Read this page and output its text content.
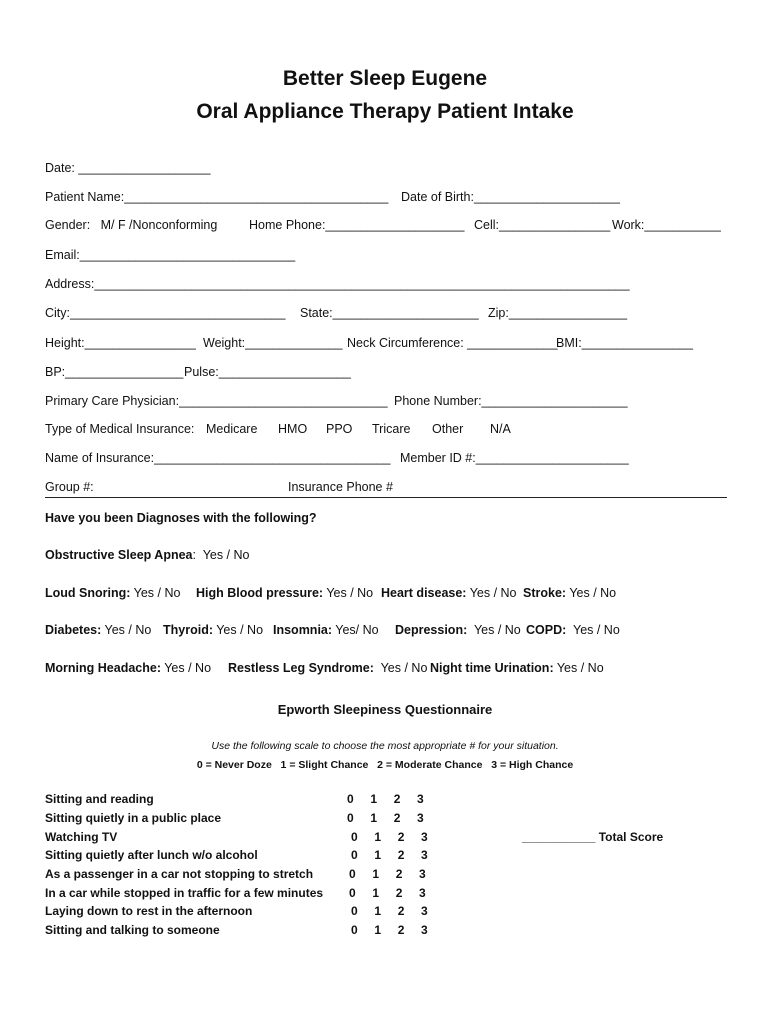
Better Sleep Eugene
Oral Appliance Therapy Patient Intake
Date: ___________________
Patient Name:______________________________________ Date of Birth:_____________________
Gender:   M/ F /Nonconforming	Home Phone:____________________ Cell:________________ Work:___________
Email:_______________________________
Address:_____________________________________________________________________________
City:_______________________________ State:_____________________ Zip:_________________
Height:________________ Weight:______________ Neck Circumference: _____________
BMI:________________
BP:_________________ Pulse:___________________
Primary Care Physician:______________________________ Phone Number:_____________________
Type of Medical Insurance: Medicare HMO PPO Tricare Other N/A
Name of Insurance:__________________________________ Member ID #:______________________
Group #:	Insurance Phone #
Have you been Diagnoses with the following?
Obstructive Sleep Apnea:  Yes / No
Loud Snoring: Yes / No High Blood pressure: Yes / No Heart disease: Yes / No Stroke: Yes / No
Diabetes: Yes / No Thyroid: Yes / No Insomnia: Yes/ No Depression:  Yes / No COPD:  Yes / No
Morning Headache: Yes / No Restless Leg Syndrome:  Yes / No Night time Urination: Yes / No
Epworth Sleepiness Questionnaire
Use the following scale to choose the most appropriate # for your situation.
0 = Never Doze   1 = Slight Chance   2 = Moderate Chance   3 = High Chance
Sitting and reading	0     1     2     3
Sitting quietly in a public place	0     1     2     3
Watching TV	0     1     2     3	___________ Total Score
Sitting quietly after lunch w/o alcohol	0     1     2     3
As a passenger in a car not stopping to stretch	0     1     2     3
In a car while stopped in traffic for a few minutes 0     1     2     3
Laying down to rest in the afternoon	0     1     2     3
Sitting and talking to someone	0     1     2     3
